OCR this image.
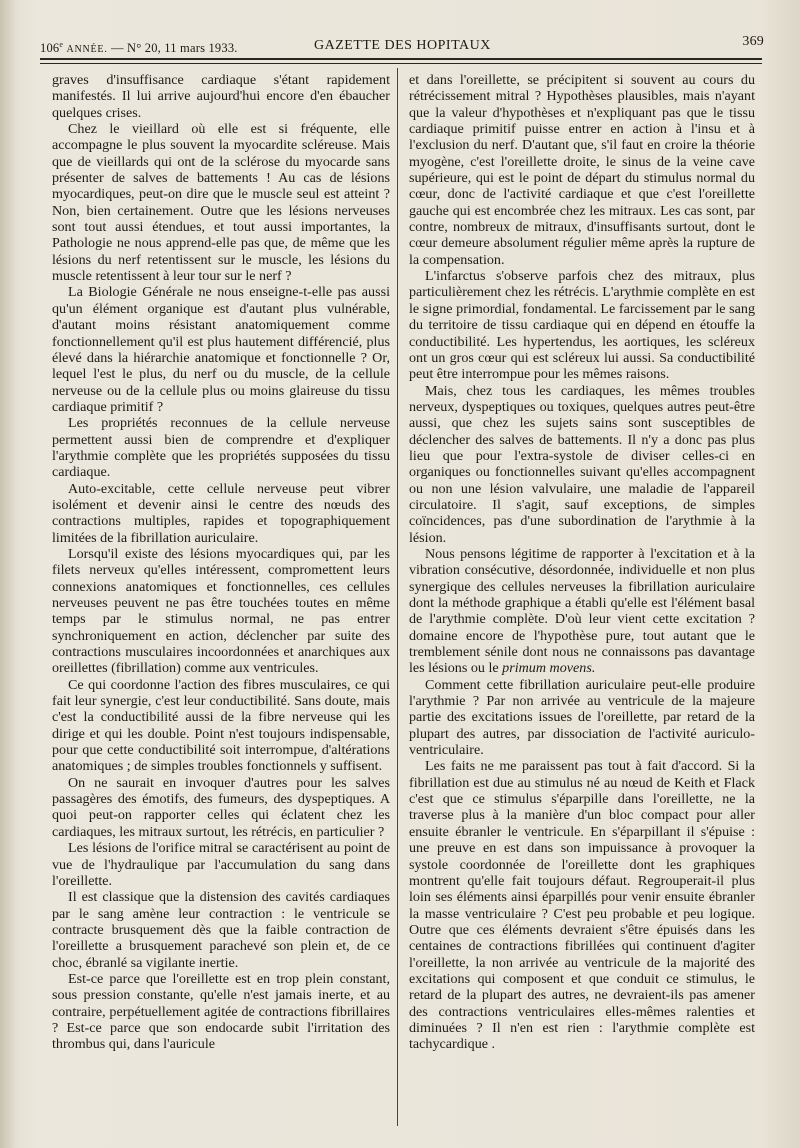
106e ANNÉE. — N° 20, 11 mars 1933.	GAZETTE DES HOPITAUX	369

graves d'insuffisance cardiaque s'étant rapidement manifestés. Il lui arrive aujourd'hui encore d'en ébaucher quelques crises.

Chez le vieillard où elle est si fréquente, elle accompagne le plus souvent la myocardite scléreuse. Mais que de vieillards qui ont de la sclérose du myocarde sans présenter de salves de battements ! Au cas de lésions myocardiques, peut-on dire que le muscle seul est atteint ? Non, bien certainement. Outre que les lésions nerveuses sont tout aussi étendues, et tout aussi importantes, la Pathologie ne nous apprend-elle pas que, de même que les lésions du nerf retentissent sur le muscle, les lésions du muscle retentissent à leur tour sur le nerf ?

La Biologie Générale ne nous enseigne-t-elle pas aussi qu'un élément organique est d'autant plus vulnérable, d'autant moins résistant anatomiquement comme fonctionnellement qu'il est plus hautement différencié, plus élevé dans la hiérarchie anatomique et fonctionnelle ? Or, lequel l'est le plus, du nerf ou du muscle, de la cellule nerveuse ou de la cellule plus ou moins glaireuse du tissu cardiaque primitif ?

Les propriétés reconnues de la cellule nerveuse permettent aussi bien de comprendre et d'expliquer l'arythmie complète que les propriétés supposées du tissu cardiaque.

Auto-excitable, cette cellule nerveuse peut vibrer isolément et devenir ainsi le centre des nœuds des contractions multiples, rapides et topographiquement limitées de la fibrillation auriculaire.

Lorsqu'il existe des lésions myocardiques qui, par les filets nerveux qu'elles intéressent, compromettent leurs connexions anatomiques et fonctionnelles, ces cellules nerveuses peuvent ne pas être touchées toutes en même temps par le stimulus normal, ne pas entrer synchroniquement en action, déclencher par suite des contractions musculaires incoordonnées et anarchiques aux oreillettes (fibrillation) comme aux ventricules.

Ce qui coordonne l'action des fibres musculaires, ce qui fait leur synergie, c'est leur conductibilité. Sans doute, mais c'est la conductibilité aussi de la fibre nerveuse qui les dirige et qui les double. Point n'est toujours indispensable, pour que cette conductibilité soit interrompue, d'altérations anatomiques ; de simples troubles fonctionnels y suffisent.

On ne saurait en invoquer d'autres pour les salves passagères des émotifs, des fumeurs, des dyspeptiques. A quoi peut-on rapporter celles qui éclatent chez les cardiaques, les mitraux surtout, les rétrécis, en particulier ?

Les lésions de l'orifice mitral se caractérisent au point de vue de l'hydraulique par l'accumulation du sang dans l'oreillette.

Il est classique que la distension des cavités cardiaques par le sang amène leur contraction : le ventricule se contracte brusquement dès que la faible contraction de l'oreillette a brusquement parachevé son plein et, de ce choc, ébranlé sa vigilante inertie.

Est-ce parce que l'oreillette est en trop plein constant, sous pression constante, qu'elle n'est jamais inerte, et au contraire, perpétuellement agitée de contractions fibrillaires ? Est-ce parce que son endocarde subit l'irritation des thrombus qui, dans l'auricule

et dans l'oreillette, se précipitent si souvent au cours du rétrécissement mitral ? Hypothèses plausibles, mais n'ayant que la valeur d'hypothèses et n'expliquant pas que le tissu cardiaque primitif puisse entrer en action à l'insu et à l'exclusion du nerf. D'autant que, s'il faut en croire la théorie myogène, c'est l'oreillette droite, le sinus de la veine cave supérieure, qui est le point de départ du stimulus normal du cœur, donc de l'activité cardiaque et que c'est l'oreillette gauche qui est encombrée chez les mitraux. Les cas sont, par contre, nombreux de mitraux, d'insuffisants surtout, dont le cœur demeure absolument régulier même après la rupture de la compensation.

L'infarctus s'observe parfois chez des mitraux, plus particulièrement chez les rétrécis. L'arythmie complète en est le signe primordial, fondamental. Le farcissement par le sang du territoire de tissu cardiaque qui en dépend en étouffe la conductibilité. Les hypertendus, les aortiques, les scléreux ont un gros cœur qui est scléreux lui aussi. Sa conductibilité peut être interrompue pour les mêmes raisons.

Mais, chez tous les cardiaques, les mêmes troubles nerveux, dyspeptiques ou toxiques, quelques autres peut-être aussi, que chez les sujets sains sont susceptibles de déclencher des salves de battements. Il n'y a donc pas plus lieu que pour l'extra-systole de diviser celles-ci en organiques ou fonctionnelles suivant qu'elles accompagnent ou non une lésion valvulaire, une maladie de l'appareil circulatoire. Il s'agit, sauf exceptions, de simples coïncidences, pas d'une subordination de l'arythmie à la lésion.

Nous pensons légitime de rapporter à l'excitation et à la vibration consécutive, désordonnée, individuelle et non plus synergique des cellules nerveuses la fibrillation auriculaire dont la méthode graphique a établi qu'elle est l'élément basal de l'arythmie complète. D'où leur vient cette excitation ? domaine encore de l'hypothèse pure, tout autant que le tremblement sénile dont nous ne connaissons pas davantage les lésions ou le primum movens.

Comment cette fibrillation auriculaire peut-elle produire l'arythmie ? Par non arrivée au ventricule de la majeure partie des excitations issues de l'oreillette, par retard de la plupart des autres, par dissociation de l'activité auriculo-ventriculaire.

Les faits ne me paraissent pas tout à fait d'accord. Si la fibrillation est due au stimulus né au nœud de Keith et Flack c'est que ce stimulus s'éparpille dans l'oreillette, ne la traverse plus à la manière d'un bloc compact pour aller ensuite ébranler le ventricule. En s'éparpillant il s'épuise : une preuve en est dans son impuissance à provoquer la systole coordonnée de l'oreillette dont les graphiques montrent qu'elle fait toujours défaut. Regrouperait-il plus loin ses éléments ainsi éparpillés pour venir ensuite ébranler la masse ventriculaire ? C'est peu probable et peu logique. Outre que ces éléments devraient s'être épuisés dans les centaines de contractions fibrillées qui continuent d'agiter l'oreillette, la non arrivée au ventricule de la majorité des excitations qui composent et que conduit ce stimulus, le retard de la plupart des autres, ne devraient-ils pas amener des contractions ventriculaires elles-mêmes ralenties et diminuées ? Il n'en est rien : l'arythmie complète est tachycardique .
